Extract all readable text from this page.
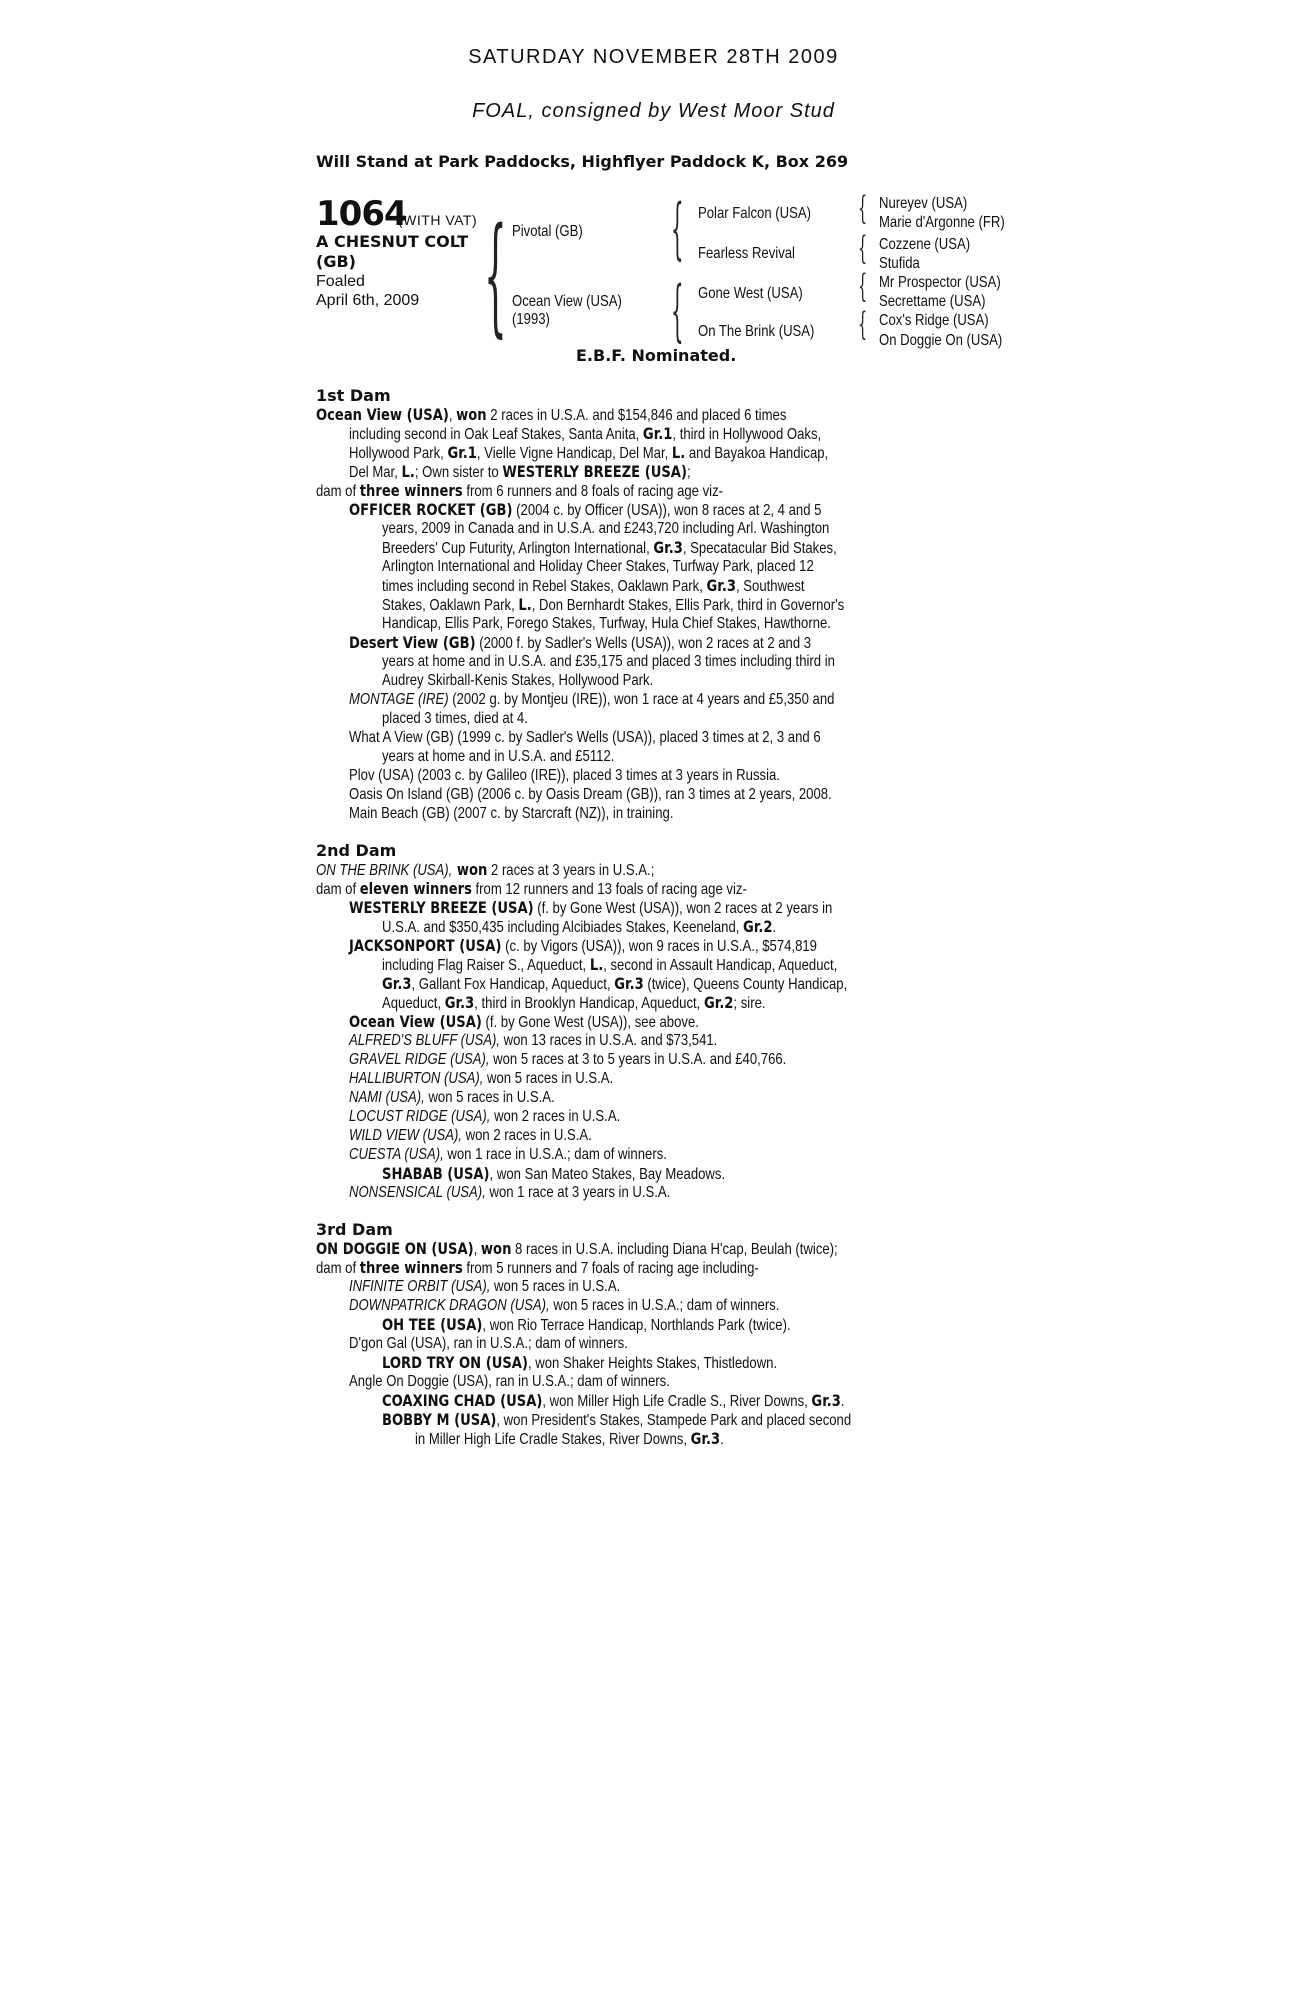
SATURDAY NOVEMBER 28TH 2009
FOAL, consigned by West Moor Stud
Will Stand at Park Paddocks, Highflyer Paddock K, Box 269
1064
(WITH VAT)
A CHESNUT COLT
(GB)
Foaled
April 6th, 2009 { {
{
{
{
{
{
Pivotal (GB)
Ocean View (USA)
(1993)
Polar Falcon (USA)
Fearless Revival
Gone West (USA)
On The Brink (USA)
Nureyev (USA)
Marie d'Argonne (FR)
Cozzene (USA)
Stufida
Mr Prospector (USA)
Secrettame (USA)
Cox's Ridge (USA)
On Doggie On (USA)
E.B.F. Nominated.
1st Dam
Ocean View (USA), won 2 races in U.S.A. and $154,846 and placed 6 times
including second in Oak Leaf Stakes, Santa Anita, Gr.1, third in Hollywood Oaks,
Hollywood Park, Gr.1, Vielle Vigne Handicap, Del Mar, L. and Bayakoa Handicap,
Del Mar, L.; Own sister to WESTERLY BREEZE (USA);
dam of three winners from 6 runners and 8 foals of racing age viz-
OFFICER ROCKET (GB) (2004 c. by Officer (USA)), won 8 races at 2, 4 and 5
years, 2009 in Canada and in U.S.A. and £243,720 including Arl. Washington
Breeders' Cup Futurity, Arlington International, Gr.3, Specatacular Bid Stakes,
Arlington International and Holiday Cheer Stakes, Turfway Park, placed 12
times including second in Rebel Stakes, Oaklawn Park, Gr.3, Southwest
Stakes, Oaklawn Park, L., Don Bernhardt Stakes, Ellis Park, third in Governor's
Handicap, Ellis Park, Forego Stakes, Turfway, Hula Chief Stakes, Hawthorne.
Desert View (GB) (2000 f. by Sadler's Wells (USA)), won 2 races at 2 and 3
years at home and in U.S.A. and £35,175 and placed 3 times including third in
Audrey Skirball-Kenis Stakes, Hollywood Park.
MONTAGE (IRE) (2002 g. by Montjeu (IRE)), won 1 race at 4 years and £5,350 and
placed 3 times, died at 4.
What A View (GB) (1999 c. by Sadler's Wells (USA)), placed 3 times at 2, 3 and 6
years at home and in U.S.A. and £5112.
Plov (USA) (2003 c. by Galileo (IRE)), placed 3 times at 3 years in Russia.
Oasis On Island (GB) (2006 c. by Oasis Dream (GB)), ran 3 times at 2 years, 2008.
Main Beach (GB) (2007 c. by Starcraft (NZ)), in training.
2nd Dam
ON THE BRINK (USA), won 2 races at 3 years in U.S.A.;
dam of eleven winners from 12 runners and 13 foals of racing age viz-
WESTERLY BREEZE (USA) (f. by Gone West (USA)), won 2 races at 2 years in
U.S.A. and $350,435 including Alcibiades Stakes, Keeneland, Gr.2.
JACKSONPORT (USA) (c. by Vigors (USA)), won 9 races in U.S.A., $574,819
including Flag Raiser S., Aqueduct, L., second in Assault Handicap, Aqueduct,
Gr.3, Gallant Fox Handicap, Aqueduct, Gr.3 (twice), Queens County Handicap,
Aqueduct, Gr.3, third in Brooklyn Handicap, Aqueduct, Gr.2; sire.
Ocean View (USA) (f. by Gone West (USA)), see above.
ALFRED'S BLUFF (USA), won 13 races in U.S.A. and $73,541.
GRAVEL RIDGE (USA), won 5 races at 3 to 5 years in U.S.A. and £40,766.
HALLIBURTON (USA), won 5 races in U.S.A.
NAMI (USA), won 5 races in U.S.A.
LOCUST RIDGE (USA), won 2 races in U.S.A.
WILD VIEW (USA), won 2 races in U.S.A.
CUESTA (USA), won 1 race in U.S.A.; dam of winners.
SHABAB (USA), won San Mateo Stakes, Bay Meadows.
NONSENSICAL (USA), won 1 race at 3 years in U.S.A.
3rd Dam
ON DOGGIE ON (USA), won 8 races in U.S.A. including Diana H'cap, Beulah (twice);
dam of three winners from 5 runners and 7 foals of racing age including-
INFINITE ORBIT (USA), won 5 races in U.S.A.
DOWNPATRICK DRAGON (USA), won 5 races in U.S.A.; dam of winners.
OH TEE (USA), won Rio Terrace Handicap, Northlands Park (twice).
D'gon Gal (USA), ran in U.S.A.; dam of winners.
LORD TRY ON (USA), won Shaker Heights Stakes, Thistledown.
Angle On Doggie (USA), ran in U.S.A.; dam of winners.
COAXING CHAD (USA), won Miller High Life Cradle S., River Downs, Gr.3.
BOBBY M (USA), won President's Stakes, Stampede Park and placed second
in Miller High Life Cradle Stakes, River Downs, Gr.3.
